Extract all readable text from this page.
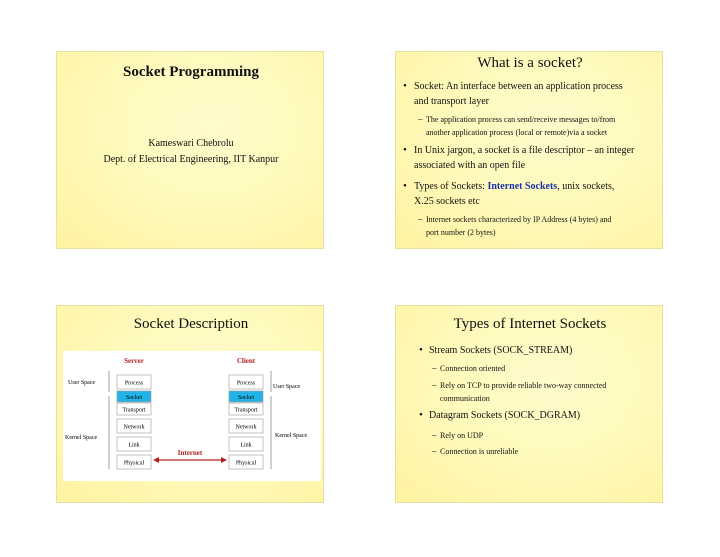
Socket Programming
Kameswari Chebrolu
Dept. of Electrical Engineering, IIT Kanpur
What is a socket?
• Socket: An interface between an application process
and transport layer
– The application process can send/receive messages to/from
another application process (local or remote)via a socket
• In Unix jargon, a socket is a file descriptor – an integer
associated with an open file
• Types of Sockets: Internet Sockets, unix sockets,
X.25 sockets etc
– Internet sockets characterized by IP Address (4 bytes) and
port number (2 bytes)
Socket Description
Server	Client
User Space
User Space
Kernel Space	Kernel Space
Process
Socket
Transport
Network
Link
Physical
Process
Socket
Transport
Network
Link
Physical
Internet
Types of Internet Sockets
• Stream Sockets (SOCK_STREAM)
– Connection oriented
– Rely on TCP to provide reliable two-way connected
communication
• Datagram Sockets (SOCK_DGRAM)
– Rely on UDP
– Connection is unreliable
